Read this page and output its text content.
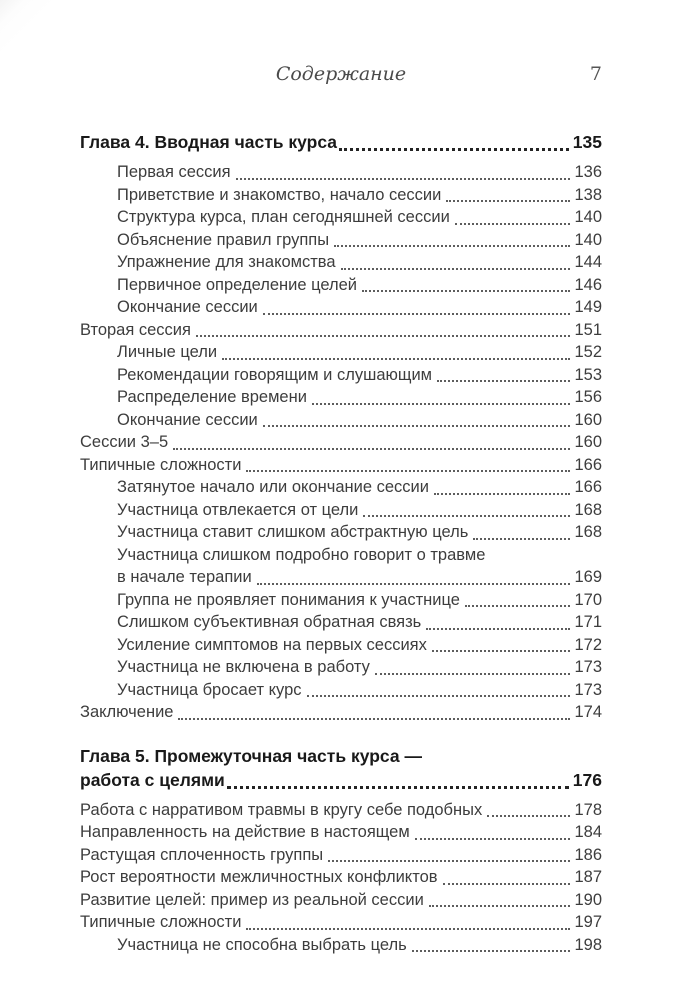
Содержание	7
Глава 4. Вводная часть курса	135
Первая сессия	136
Приветствие и знакомство, начало сессии	138
Структура курса, план сегодняшней сессии	140
Объяснение правил группы	140
Упражнение для знакомства	144
Первичное определение целей	146
Окончание сессии	149
Вторая сессия	151
Личные цели	152
Рекомендации говорящим и слушающим	153
Распределение времени	156
Окончание сессии	160
Сессии 3–5	160
Типичные сложности	166
Затянутое начало или окончание сессии	166
Участница отвлекается от цели	168
Участница ставит слишком абстрактную цель	168
Участница слишком подробно говорит о травме
в начале терапии	169
Группа не проявляет понимания к участнице	170
Слишком субъективная обратная связь	171
Усиление симптомов на первых сессиях	172
Участница не включена в работу	173
Участница бросает курс	173
Заключение	174
Глава 5. Промежуточная часть курса —
работа с целями	176
Работа с нарративом травмы в кругу себе подобных	178
Направленность на действие в настоящем	184
Растущая сплоченность группы	186
Рост вероятности межличностных конфликтов	187
Развитие целей: пример из реальной сессии	190
Типичные сложности	197
Участница не способна выбрать цель	198
